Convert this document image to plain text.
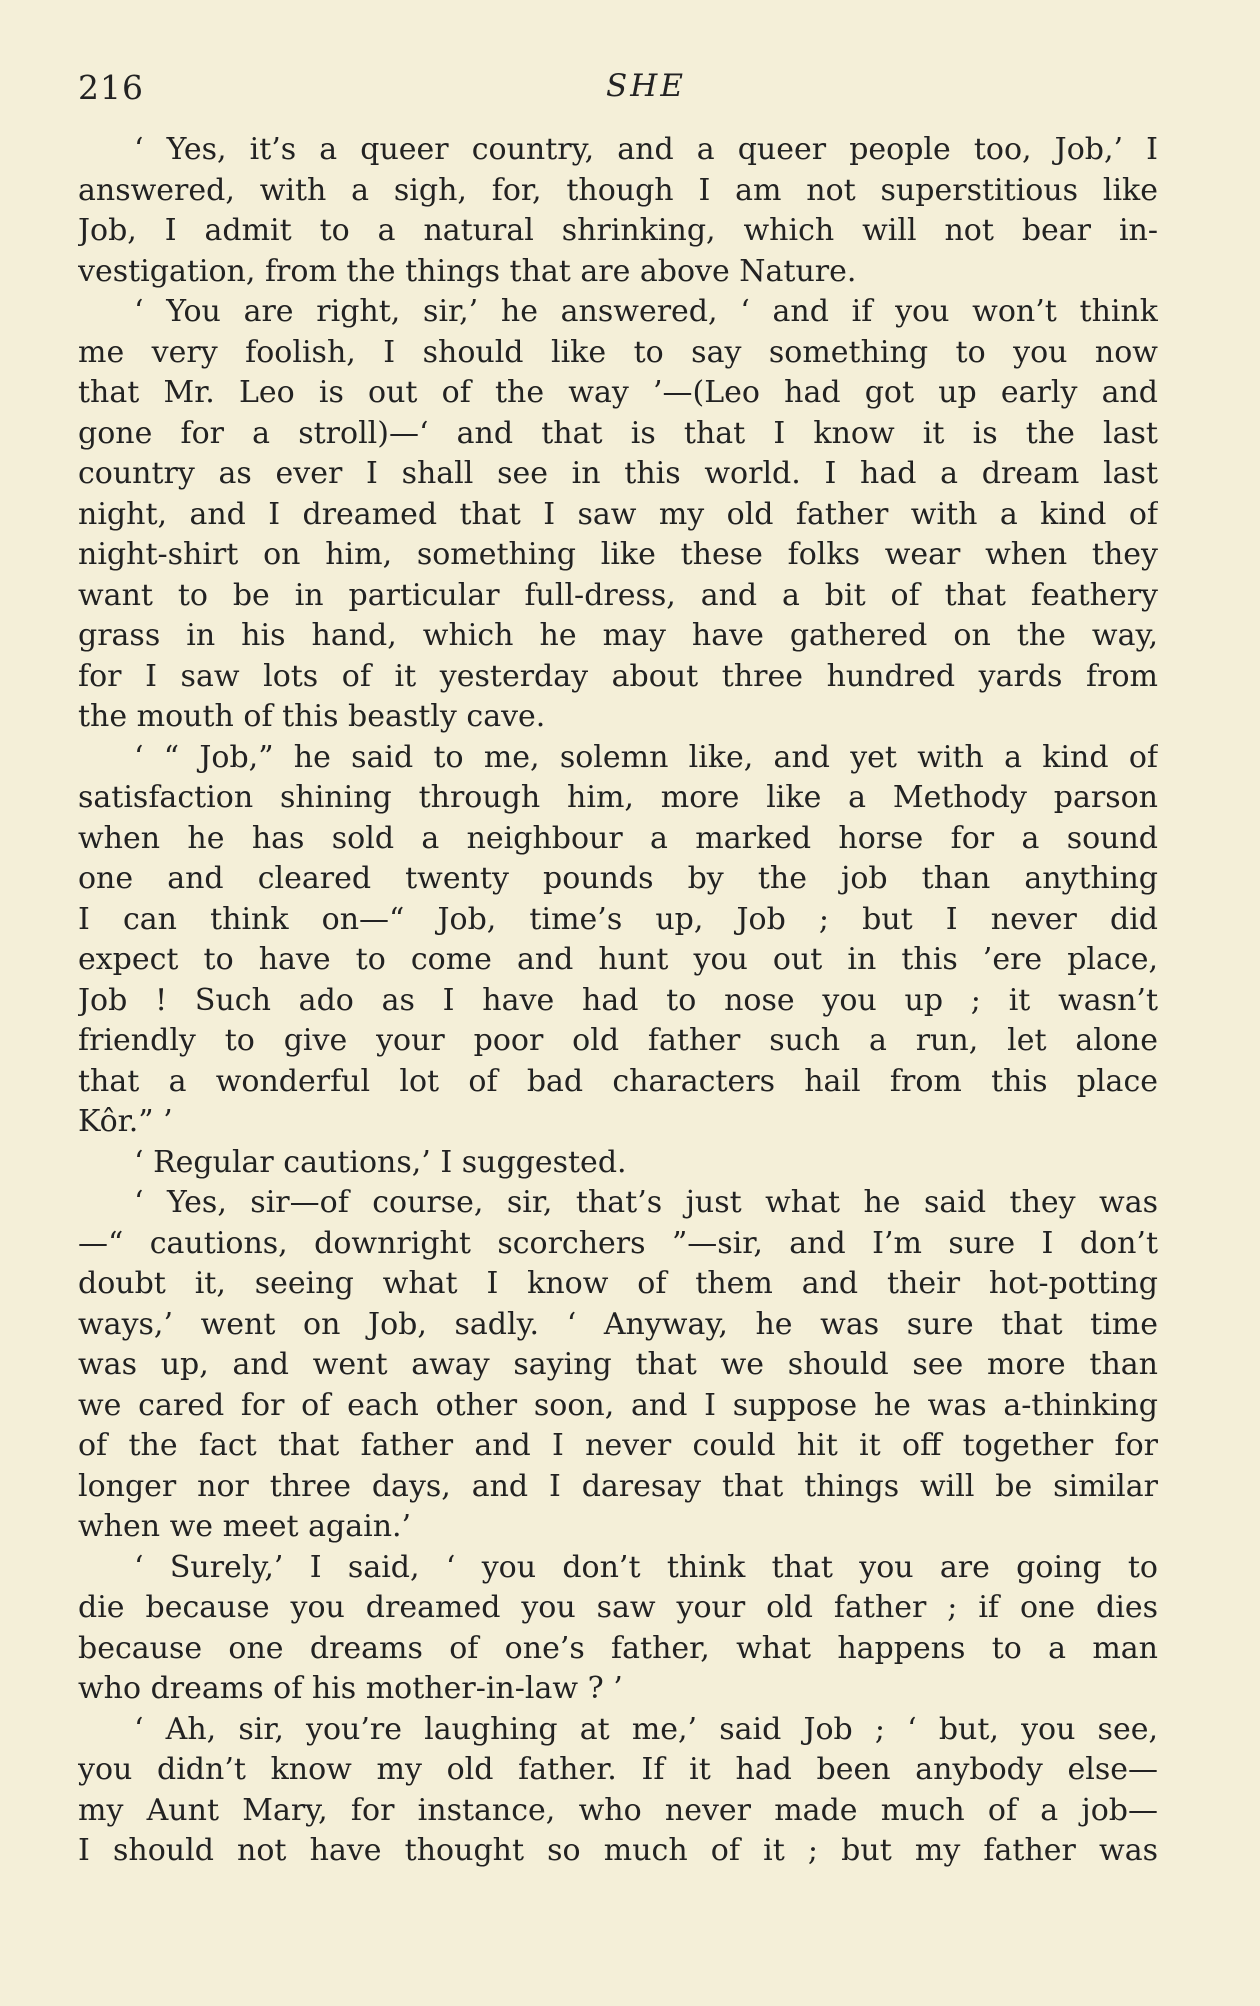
216	SHE
‘ Yes, it’s a queer country, and a queer people too, Job,’ I
answered, with a sigh, for, though I am not superstitious like
Job, I admit to a natural shrinking, which will not bear in-
vestigation, from the things that are above Nature.
‘ You are right, sir,’ he answered, ‘ and if you won’t think
me very foolish, I should like to say something to you now
that Mr. Leo is out of the way ’—(Leo had got up early and
gone for a stroll)—‘ and that is that I know it is the last
country as ever I shall see in this world. I had a dream last
night, and I dreamed that I saw my old father with a kind of
night-shirt on him, something like these folks wear when they
want to be in particular full-dress, and a bit of that feathery
grass in his hand, which he may have gathered on the way,
for I saw lots of it yesterday about three hundred yards from
the mouth of this beastly cave.
‘ “ Job,” he said to me, solemn like, and yet with a kind of
satisfaction shining through him, more like a Methody parson
when he has sold a neighbour a marked horse for a sound
one and cleared twenty pounds by the job than anything
I can think on—“ Job, time’s up, Job ; but I never did
expect to have to come and hunt you out in this ’ere place,
Job ! Such ado as I have had to nose you up ; it wasn’t
friendly to give your poor old father such a run, let alone
that a wonderful lot of bad characters hail from this place
Kôr.” ’
‘ Regular cautions,’ I suggested.
‘ Yes, sir—of course, sir, that’s just what he said they was
—“ cautions, downright scorchers ”—sir, and I’m sure I don’t
doubt it, seeing what I know of them and their hot-potting
ways,’ went on Job, sadly. ‘ Anyway, he was sure that time
was up, and went away saying that we should see more than
we cared for of each other soon, and I suppose he was a-thinking
of the fact that father and I never could hit it off together for
longer nor three days, and I daresay that things will be similar
when we meet again.’
‘ Surely,’ I said, ‘ you don’t think that you are going to
die because you dreamed you saw your old father ; if one dies
because one dreams of one’s father, what happens to a man
who dreams of his mother-in-law ? ’
‘ Ah, sir, you’re laughing at me,’ said Job ; ‘ but, you see,
you didn’t know my old father. If it had been anybody else—
my Aunt Mary, for instance, who never made much of a job—
I should not have thought so much of it ; but my father was
